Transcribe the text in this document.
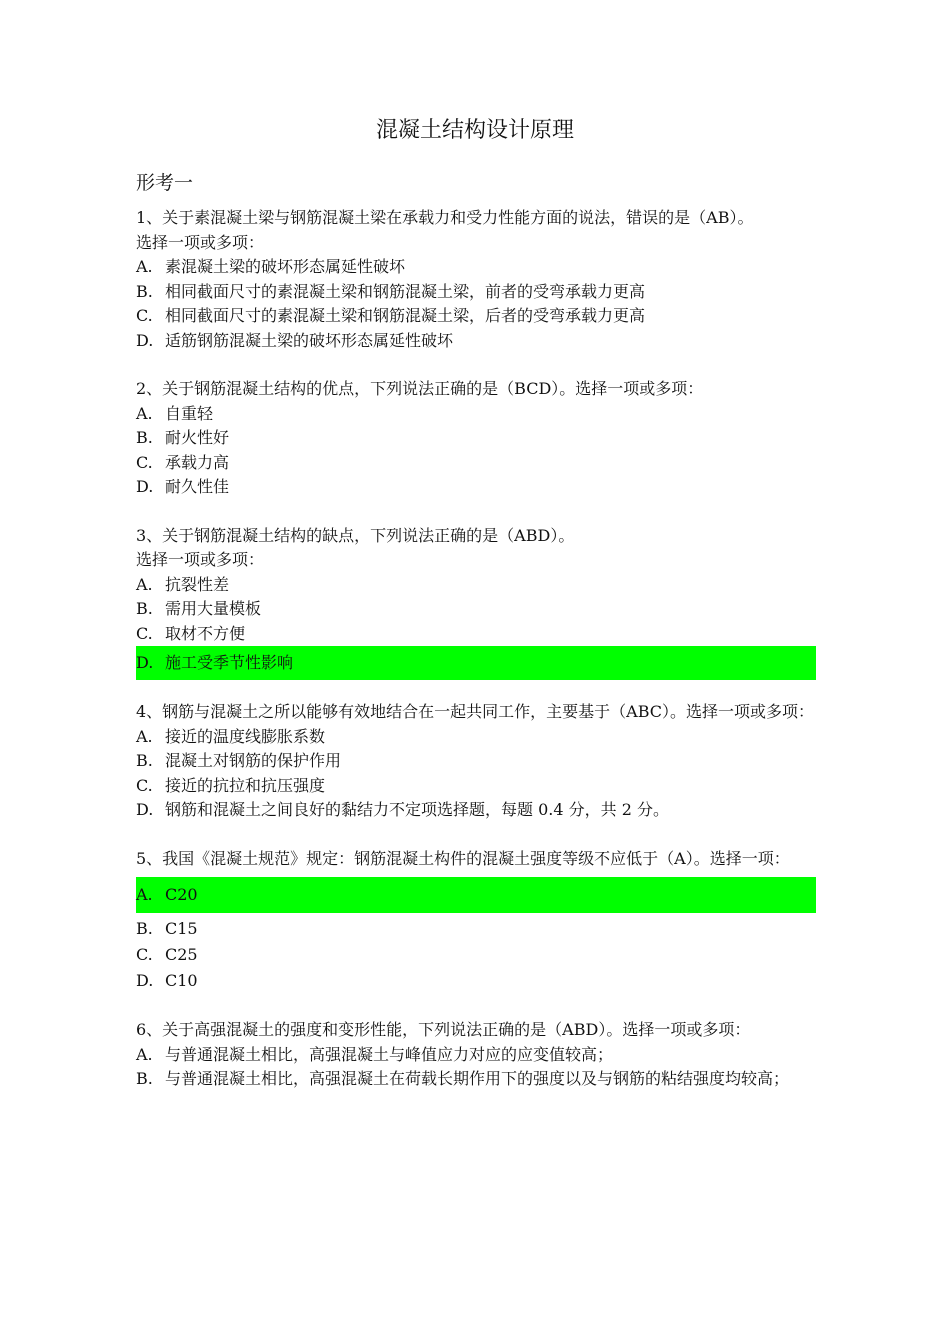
混凝土结构设计原理
形考一
1、关于素混凝土梁与钢筋混凝土梁在承载力和受力性能方面的说法，错误的是（AB）。
选择一项或多项：
A. 素混凝土梁的破坏形态属延性破坏
B. 相同截面尺寸的素混凝土梁和钢筋混凝土梁，前者的受弯承载力更高
C. 相同截面尺寸的素混凝土梁和钢筋混凝土梁，后者的受弯承载力更高
D. 适筋钢筋混凝土梁的破坏形态属延性破坏
2、关于钢筋混凝土结构的优点，下列说法正确的是（BCD）。选择一项或多项：
A. 自重轻
B. 耐火性好
C. 承载力高
D. 耐久性佳
3、关于钢筋混凝土结构的缺点，下列说法正确的是（ABD）。
选择一项或多项：
A. 抗裂性差
B. 需用大量模板
C. 取材不方便
D. 施工受季节性影响
4、钢筋与混凝土之所以能够有效地结合在一起共同工作，主要基于（ABC）。选择一项或多项：
A. 接近的温度线膨胀系数
B. 混凝土对钢筋的保护作用
C. 接近的抗拉和抗压强度
D. 钢筋和混凝土之间良好的黏结力不定项选择题，每题 0.4 分，共 2 分。
5、我国《混凝土规范》规定：钢筋混凝土构件的混凝土强度等级不应低于（A）。选择一项：
A. C20
B. C15
C. C25
D. C10
6、关于高强混凝土的强度和变形性能，下列说法正确的是（ABD）。选择一项或多项：
A. 与普通混凝土相比，高强混凝土与峰值应力对应的应变值较高；
B. 与普通混凝土相比，高强混凝土在荷载长期作用下的强度以及与钢筋的粘结强度均较高；
